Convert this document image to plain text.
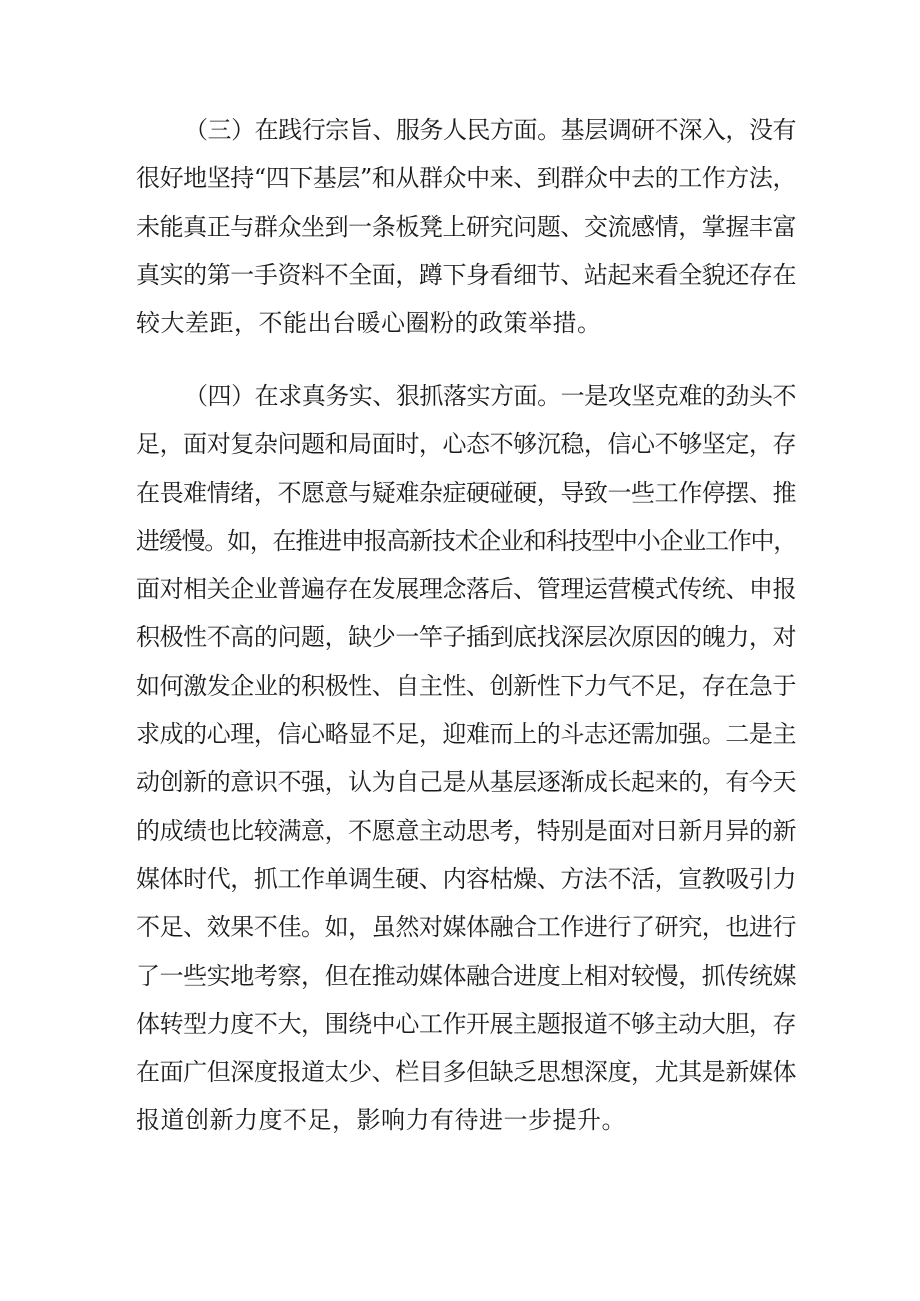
（三）在践行宗旨、服务人民方面。基层调研不深入，没有
很好地坚持“四下基层”和从群众中来、到群众中去的工作方法，
未能真正与群众坐到一条板凳上研究问题、交流感情，掌握丰富
真实的第一手资料不全面，蹲下身看细节、站起来看全貌还存在
较大差距，不能出台暖心圈粉的政策举措。
（四）在求真务实、狠抓落实方面。一是攻坚克难的劲头不
足，面对复杂问题和局面时，心态不够沉稳，信心不够坚定，存
在畏难情绪，不愿意与疑难杂症硬碰硬，导致一些工作停摆、推
进缓慢。如，在推进申报高新技术企业和科技型中小企业工作中，
面对相关企业普遍存在发展理念落后、管理运营模式传统、申报
积极性不高的问题，缺少一竿子插到底找深层次原因的魄力，对
如何激发企业的积极性、自主性、创新性下力气不足，存在急于
求成的心理，信心略显不足，迎难而上的斗志还需加强。二是主
动创新的意识不强，认为自己是从基层逐渐成长起来的，有今天
的成绩也比较满意，不愿意主动思考，特别是面对日新月异的新
媒体时代，抓工作单调生硬、内容枯燥、方法不活，宣教吸引力
不足、效果不佳。如，虽然对媒体融合工作进行了研究，也进行
了一些实地考察，但在推动媒体融合进度上相对较慢，抓传统媒
体转型力度不大，围绕中心工作开展主题报道不够主动大胆，存
在面广但深度报道太少、栏目多但缺乏思想深度，尤其是新媒体
报道创新力度不足，影响力有待进一步提升。
